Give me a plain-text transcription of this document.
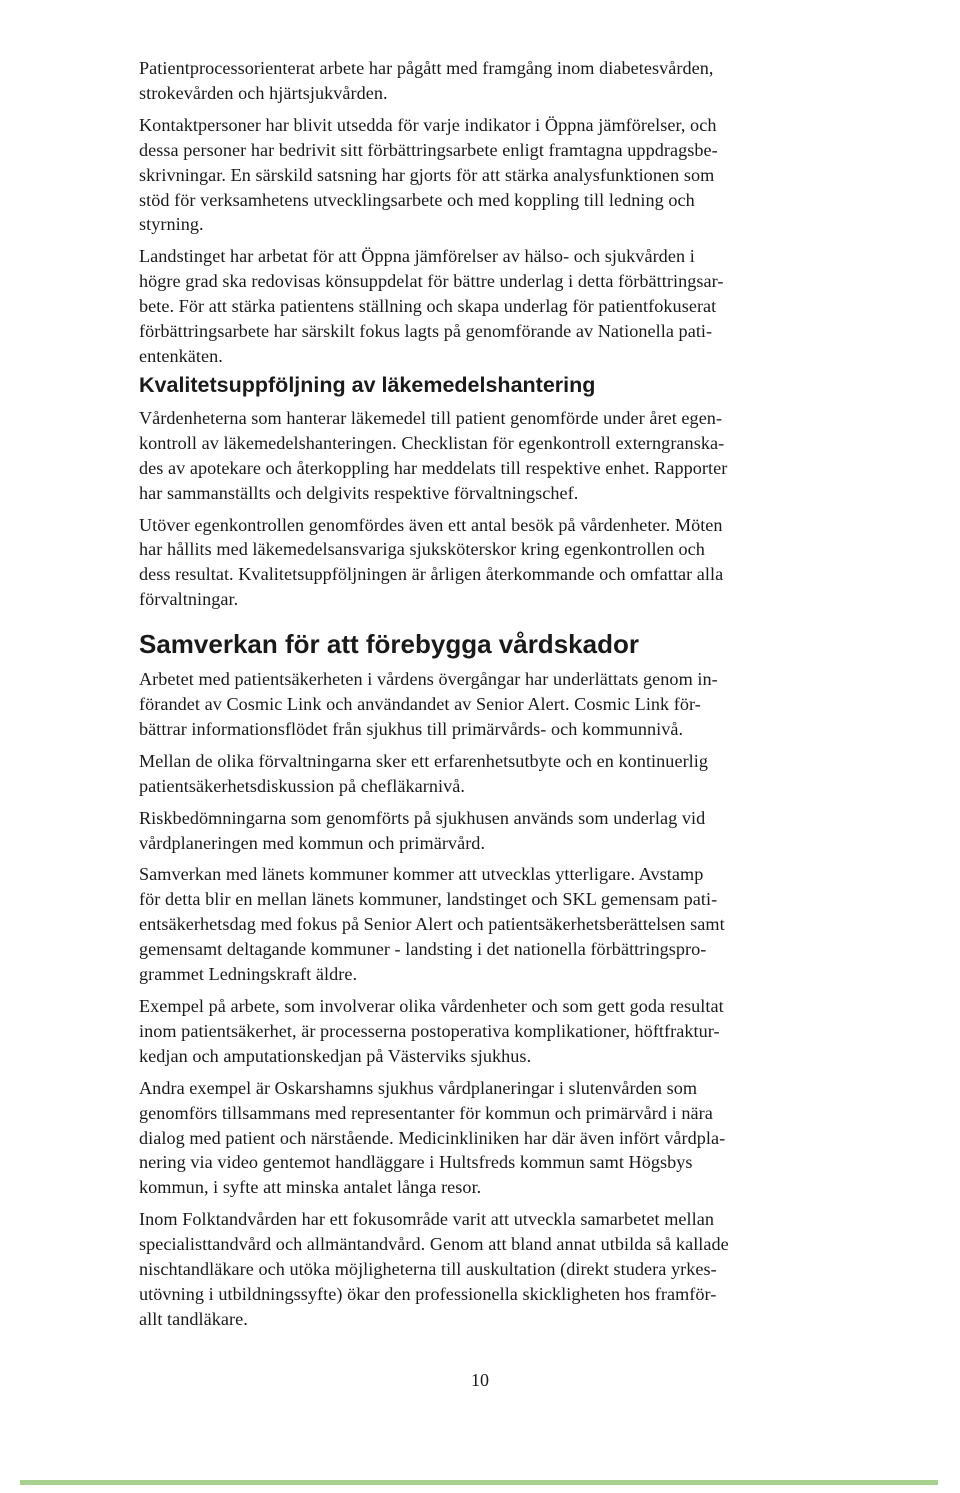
Patientprocessorienterat arbete har pågått med framgång inom diabetesvården,
strokevården och hjärtsjukvården.
Kontaktpersoner har blivit utsedda för varje indikator i Öppna jämförelser, och
dessa personer har bedrivit sitt förbättringsarbete enligt framtagna uppdragsbe-
skrivningar. En särskild satsning har gjorts för att stärka analysfunktionen som
stöd för verksamhetens utvecklingsarbete och med koppling till ledning och
styrning.
Landstinget har arbetat för att Öppna jämförelser av hälso- och sjukvården i
högre grad ska redovisas könsuppdelat för bättre underlag i detta förbättringsar-
bete. För att stärka patientens ställning och skapa underlag för patientfokuserat
förbättringsarbete har särskilt fokus lagts på genomförande av Nationella pati-
entenkäten.
Kvalitetsuppföljning av läkemedelshantering
Vårdenheterna som hanterar läkemedel till patient genomförde under året egen-
kontroll av läkemedelshanteringen. Checklistan för egenkontroll externgranska-
des av apotekare och återkoppling har meddelats till respektive enhet. Rapporter
har sammanställts och delgivits respektive förvaltningschef.
Utöver egenkontrollen genomfördes även ett antal besök på vårdenheter. Möten
har hållits med läkemedelsansvariga sjuksköterskor kring egenkontrollen och
dess resultat. Kvalitetsuppföljningen är årligen återkommande och omfattar alla
förvaltningar.
Samverkan för att förebygga vårdskador
Arbetet med patientsäkerheten i vårdens övergångar har underlättats genom in-
förandet av Cosmic Link och användandet av Senior Alert. Cosmic Link för-
bättrar informationsflödet från sjukhus till primärvårds- och kommunnivå.
Mellan de olika förvaltningarna sker ett erfarenhetsutbyte och en kontinuerlig
patientsäkerhetsdiskussion på chefläkarnivå.
Riskbedömningarna som genomförts på sjukhusen används som underlag vid
vårdplaneringen med kommun och primärvård.
Samverkan med länets kommuner kommer att utvecklas ytterligare. Avstamp
för detta blir en mellan länets kommuner, landstinget och SKL gemensam pati-
entsäkerhetsdag med fokus på Senior Alert och patientsäkerhetsberättelsen samt
gemensamt deltagande kommuner - landsting i det nationella förbättringspro-
grammet Ledningskraft äldre.
Exempel på arbete, som involverar olika vårdenheter och som gett goda resultat
inom patientsäkerhet, är processerna postoperativa komplikationer, höftfraktur-
kedjan och amputationskedjan på Västerviks sjukhus.
Andra exempel är Oskarshamns sjukhus vårdplaneringar i slutenvården som
genomförs tillsammans med representanter för kommun och primärvård i nära
dialog med patient och närstående. Medicinkliniken har där även infört vårdpla-
nering via video gentemot handläggare i Hultsfreds kommun samt Högsbys
kommun, i syfte att minska antalet långa resor.
Inom Folktandvården har ett fokusområde varit att utveckla samarbetet mellan
specialisttandvård och allmäntandvård. Genom att bland annat utbilda så kallade
nischtandläkare och utöka möjligheterna till auskultation (direkt studera yrkes-
utövning i utbildningssyfte) ökar den professionella skickligheten hos framför-
allt tandläkare.
10
